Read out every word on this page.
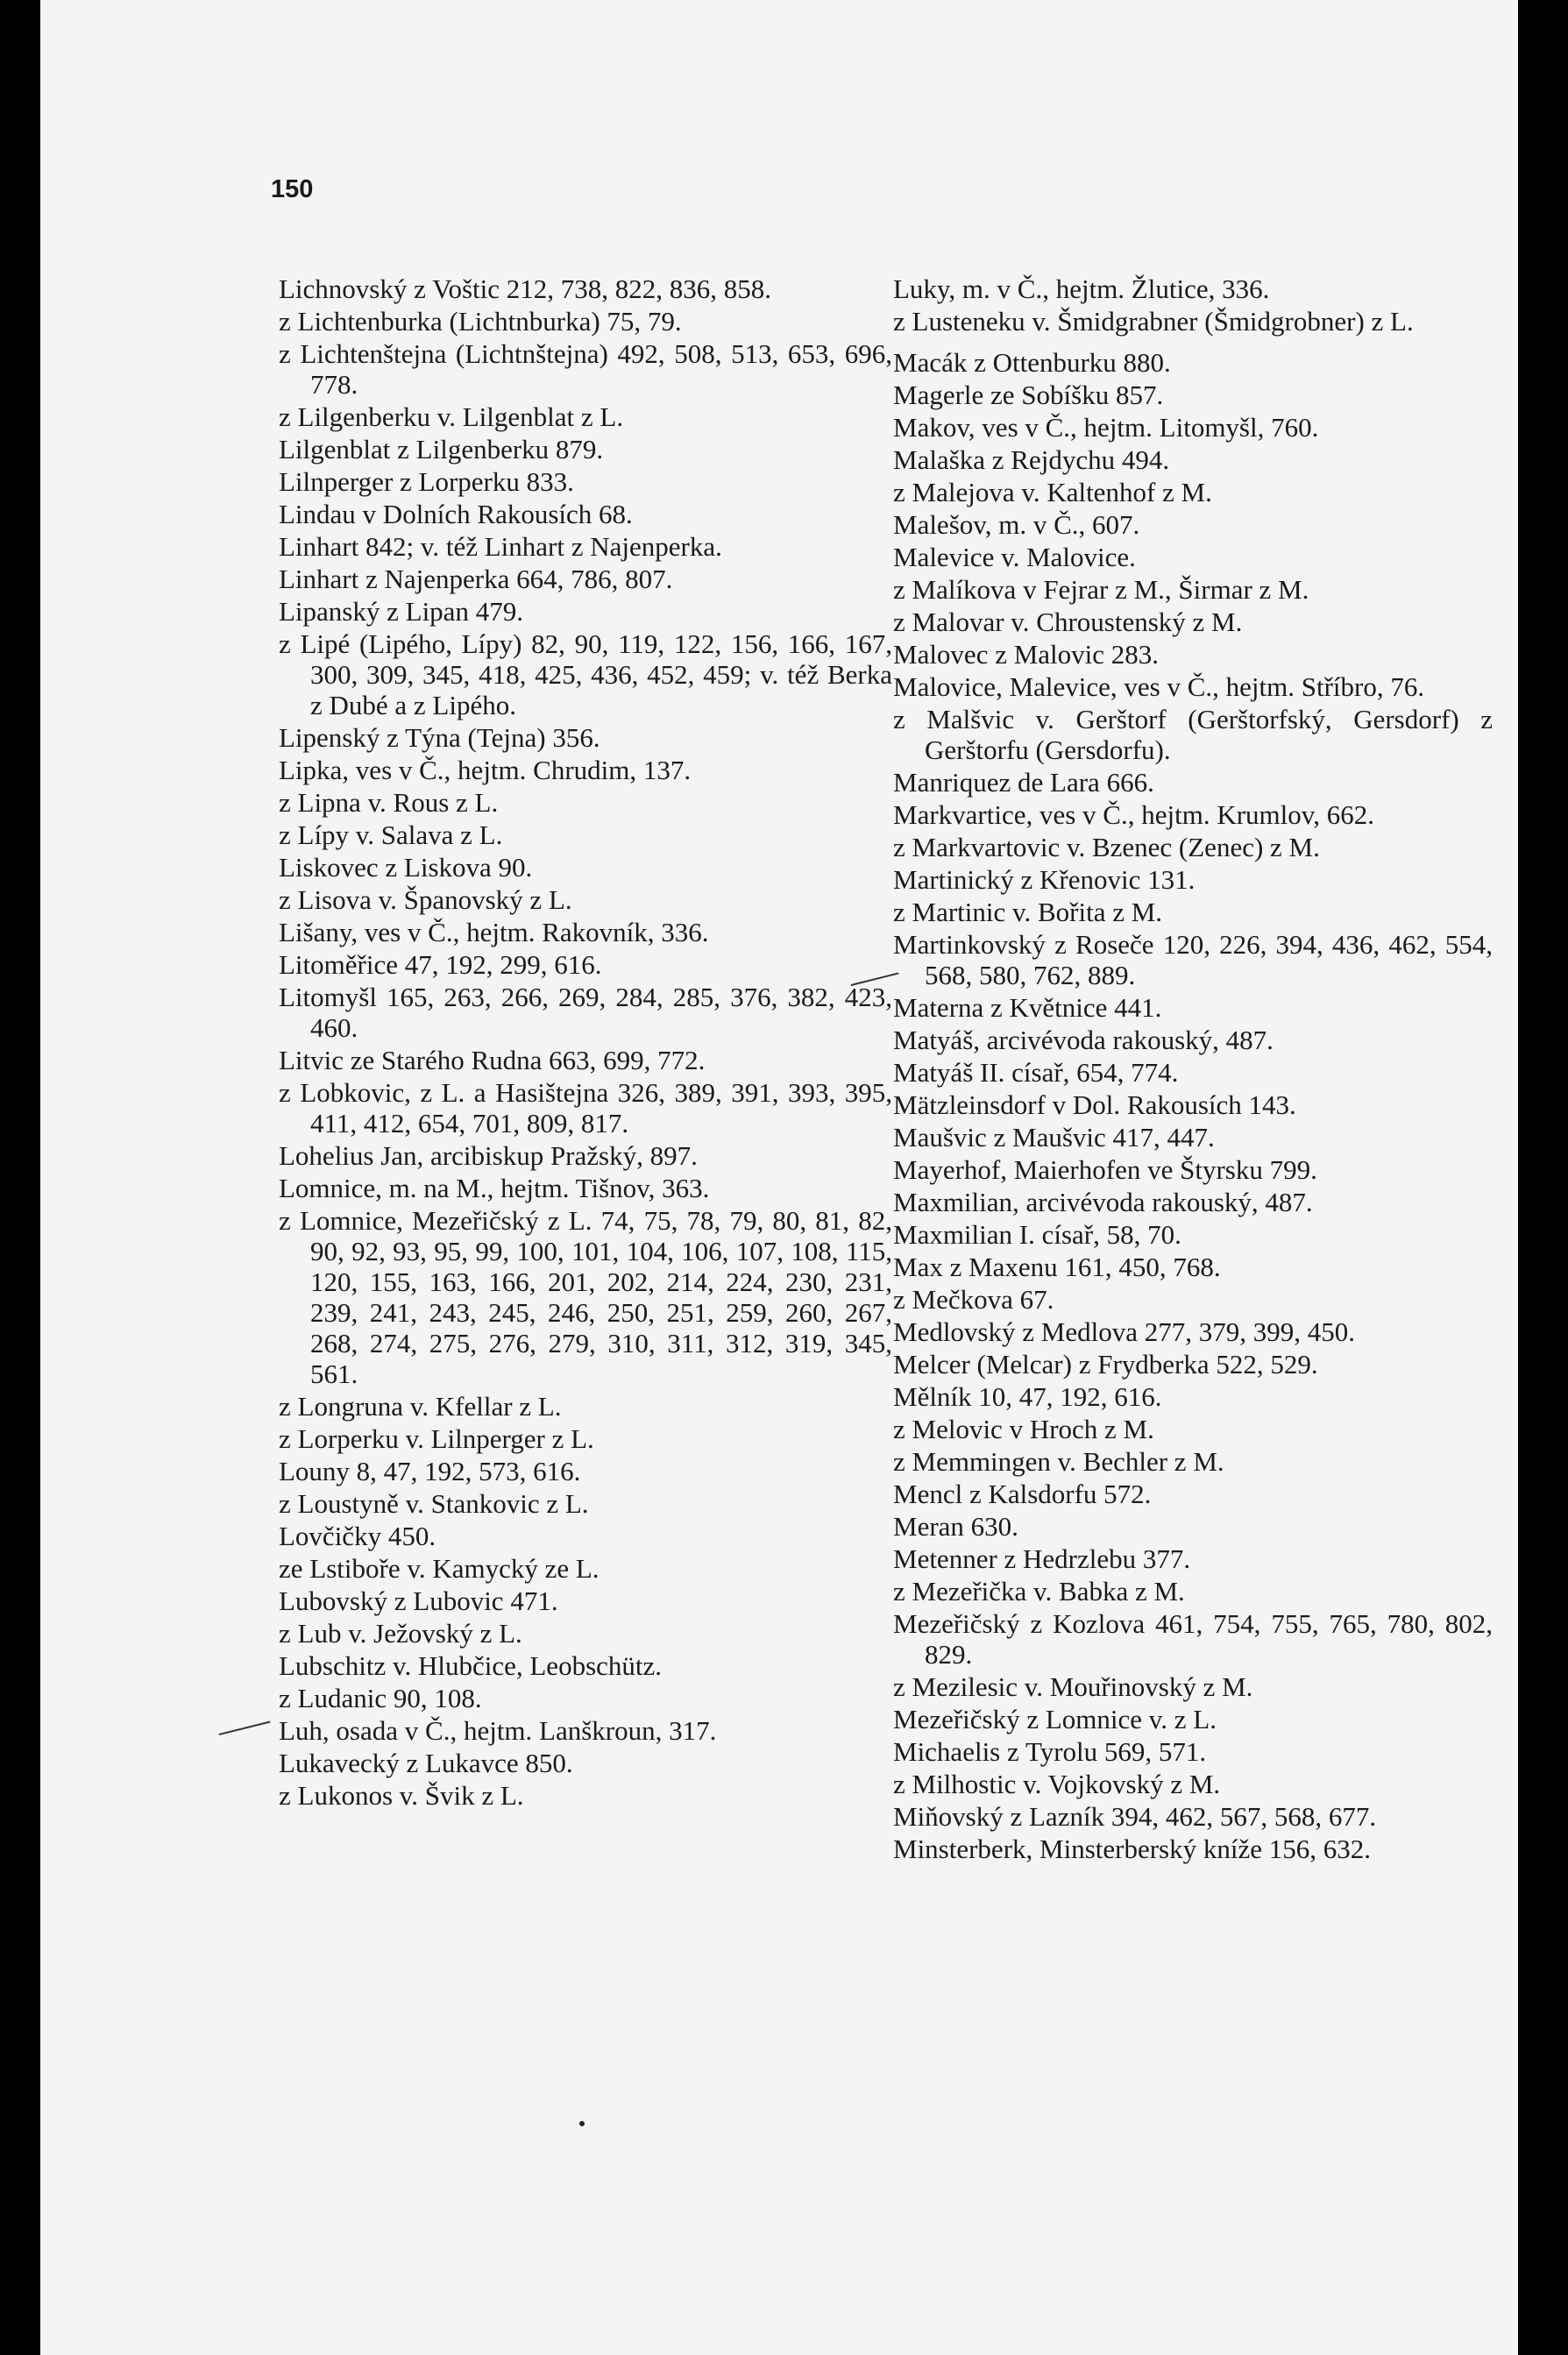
150
Lichnovský z Voštic 212, 738, 822, 836, 858.
z Lichtenburka (Lichtnburka) 75, 79.
z Lichtenštejna (Lichtnštejna) 492, 508, 513, 653, 696, 778.
z Lilgenberku v. Lilgenblat z L.
Lilgenblat z Lilgenberku 879.
Lilnperger z Lorperku 833.
Lindau v Dolních Rakousích 68.
Linhart 842; v. též Linhart z Najenperka.
Linhart z Najenperka 664, 786, 807.
Lipanský z Lipan 479.
z Lipé (Lipého, Lípy) 82, 90, 119, 122, 156, 166, 167, 300, 309, 345, 418, 425, 436, 452, 459; v. též Berka z Dubé a z Lipého.
Lipenský z Týna (Tejna) 356.
Lipka, ves v Č., hejtm. Chrudim, 137.
z Lipna v. Rous z L.
z Lípy v. Salava z L.
Liskovec z Liskova 90.
z Lisova v. Španovský z L.
Lišany, ves v Č., hejtm. Rakovník, 336.
Litoměřice 47, 192, 299, 616.
Litomyšl 165, 263, 266, 269, 284, 285, 376, 382, 423, 460.
Litvic ze Starého Rudna 663, 699, 772.
z Lobkovic, z L. a Hasištejna 326, 389, 391, 393, 395, 411, 412, 654, 701, 809, 817.
Lohelius Jan, arcibiskup Pražský, 897.
Lomnice, m. na M., hejtm. Tišnov, 363.
z Lomnice, Mezeřičský z L. 74, 75, 78, 79, 80, 81, 82, 90, 92, 93, 95, 99, 100, 101, 104, 106, 107, 108, 115, 120, 155, 163, 166, 201, 202, 214, 224, 230, 231, 239, 241, 243, 245, 246, 250, 251, 259, 260, 267, 268, 274, 275, 276, 279, 310, 311, 312, 319, 345, 561.
z Longruna v. Kfellar z L.
z Lorperku v. Lilnperger z L.
Louny 8, 47, 192, 573, 616.
z Loustyně v. Stankovic z L.
Lovčičky 450.
ze Lstiboře v. Kamycký ze L.
Lubovský z Lubovic 471.
z Lub v. Ježovský z L.
Lubschitz v. Hlubčice, Leobschütz.
z Ludanic 90, 108.
Luh, osada v Č., hejtm. Lanškroun, 317.
Lukavecký z Lukavce 850.
z Lukonos v. Švik z L.
Luky, m. v Č., hejtm. Žlutice, 336.
z Lusteneku v. Šmidgrabner (Šmidgrobner) z L.
Macák z Ottenburku 880.
Magerle ze Sobíšku 857.
Makov, ves v Č., hejtm. Litomyšl, 760.
Malaška z Rejdychu 494.
z Malejova v. Kaltenhof z M.
Malešov, m. v Č., 607.
Malevice v. Malovice.
z Malíkova v Fejrar z M., Širmar z M.
z Malovar v. Chroustenský z M.
Malovec z Malovic 283.
Malovice, Malevice, ves v Č., hejtm. Stříbro, 76.
z Malšvic v. Gerštorf (Gerštorfský, Gersdorf) z Gerštorfu (Gersdorfu).
Manriquez de Lara 666.
Markvartice, ves v Č., hejtm. Krumlov, 662.
z Markvartovic v. Bzenec (Zenec) z M.
Martinický z Křenovic 131.
z Martinic v. Bořita z M.
Martinkovský z Roseče 120, 226, 394, 436, 462, 554, 568, 580, 762, 889.
Materna z Květnice 441.
Matyáš, arcivévoda rakouský, 487.
Matyáš II. císař, 654, 774.
Mätzleinsdorf v Dol. Rakousích 143.
Maušvic z Maušvic 417, 447.
Mayerhof, Maierhofen ve Štyrsku 799.
Maxmilian, arcivévoda rakouský, 487.
Maxmilian I. císař, 58, 70.
Max z Maxenu 161, 450, 768.
z Mečkova 67.
Medlovský z Medlova 277, 379, 399, 450.
Melcer (Melcar) z Frydberka 522, 529.
Mělník 10, 47, 192, 616.
z Melovic v Hroch z M.
z Memmingen v. Bechler z M.
Mencl z Kalsdorfu 572.
Meran 630.
Metenner z Hedrzlebu 377.
z Mezeřička v. Babka z M.
Mezeřičský z Kozlova 461, 754, 755, 765, 780, 802, 829.
z Mezilesic v. Mouřinovský z M.
Mezeřičský z Lomnice v. z L.
Michaelis z Tyrolu 569, 571.
z Milhostic v. Vojkovský z M.
Miňovský z Lazník 394, 462, 567, 568, 677.
Minsterberk, Minsterberský kníže 156, 632.
